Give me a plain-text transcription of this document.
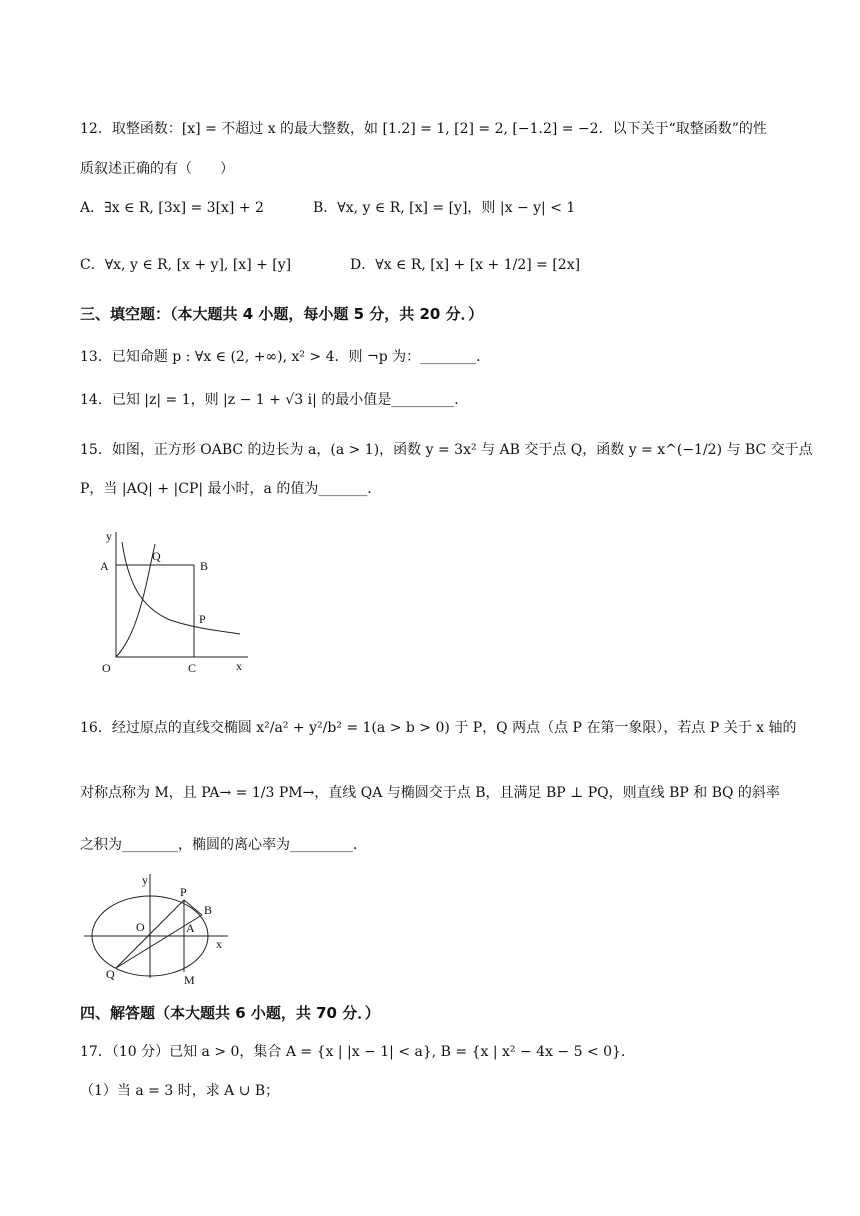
12．取整函数：[x] = 不超过 x 的最大整数，如 [1.2] = 1, [2] = 2, [−1.2] = −2．以下关于“取整函数”的性
质叙述正确的有（　　）
A．∃x ∈ R, [3x] = 3[x] + 2	B．∀x, y ∈ R, [x] = [y]，则 |x − y| < 1
C．∀x, y ∈ R, [x + y], [x] + [y]	D．∀x ∈ R, [x] + [x + 1/2] = [2x]
三、填空题：（本大题共 4 小题，每小题 5 分，共 20 分．）
13．已知命题 p : ∀x ∈ (2, +∞), x² > 4．则 ¬p 为：________．
14．已知 |z| = 1，则 |z − 1 + √3 i| 的最小值是_________．
15．如图，正方形 OABC 的边长为 a，(a > 1)，函数 y = 3x² 与 AB 交于点 Q，函数 y = x^(−1/2) 与 BC 交于点
P，当 |AQ| + |CP| 最小时，a 的值为_______．
y
A
Q
B
P
O	C	x
16．经过原点的直线交椭圆 x²/a² + y²/b² = 1(a > b > 0) 于 P，Q 两点（点 P 在第一象限），若点 P 关于 x 轴的
对称点称为 M，且 PA→ = 1/3 PM→，直线 QA 与椭圆交于点 B，且满足 BP ⊥ PQ，则直线 BP 和 BQ 的斜率
之积为________，椭圆的离心率为_________．
y
P
B
O	A
x
Q	M
四、解答题（本大题共 6 小题，共 70 分．）
17．（10 分）已知 a > 0，集合 A = {x | |x − 1| < a}, B = {x | x² − 4x − 5 < 0}．
（1）当 a = 3 时，求 A ∪ B；
